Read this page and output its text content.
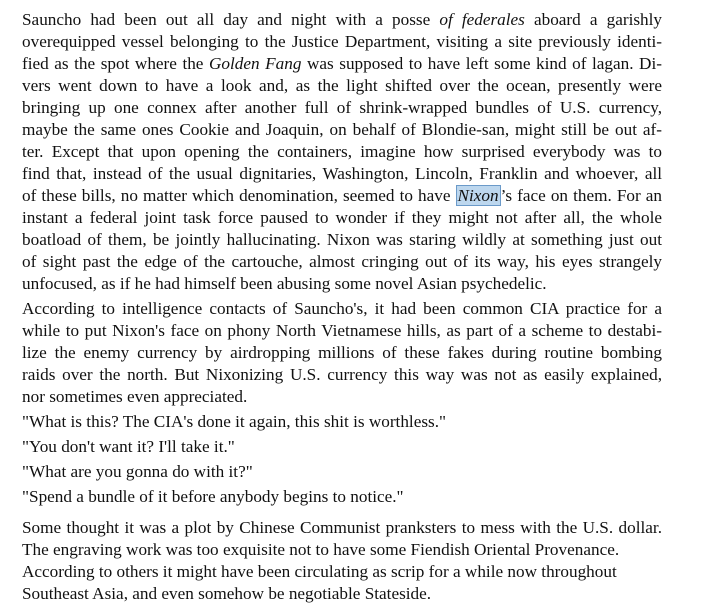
Sauncho had been out all day and night with a posse of federales aboard a garishly
overequipped vessel belonging to the Justice Department, visiting a site previously identi-
fied as the spot where the Golden Fang was supposed to have left some kind of lagan. Di-
vers went down to have a look and, as the light shifted over the ocean, presently were
bringing up one connex after another full of shrink-wrapped bundles of U.S. currency,
maybe the same ones Cookie and Joaquin, on behalf of Blondie-san, might still be out af-
ter. Except that upon opening the containers, imagine how surprised everybody was to
find that, instead of the usual dignitaries, Washington, Lincoln, Franklin and whoever, all
of these bills, no matter which denomination, seemed to have Nixon ’s face on them. For an
instant a federal joint task force paused to wonder if they might not after all, the whole
boatload of them, be jointly hallucinating. Nixon was staring wildly at something just out
of sight past the edge of the cartouche, almost cringing out of its way, his eyes strangely
unfocused, as if he had himself been abusing some novel Asian psychedelic.
According to intelligence contacts of Sauncho's, it had been common CIA practice for a
while to put Nixon's face on phony North Vietnamese hills, as part of a scheme to destabi-
lize the enemy currency by airdropping millions of these fakes during routine bombing
raids over the north. But Nixonizing U.S. currency this way was not as easily explained,
nor sometimes even appreciated.
"What is this? The CIA's done it again, this shit is worthless."
"You don't want it? I'll take it."
"What are you gonna do with it?"
"Spend a bundle of it before anybody begins to notice."
Some thought it was a plot by Chinese Communist pranksters to mess with the U.S. dollar.
The engraving work was too exquisite not to have some Fiendish Oriental Provenance.
According to others it might have been circulating as scrip for a while now throughout
Southeast Asia, and even somehow be negotiable Stateside.
